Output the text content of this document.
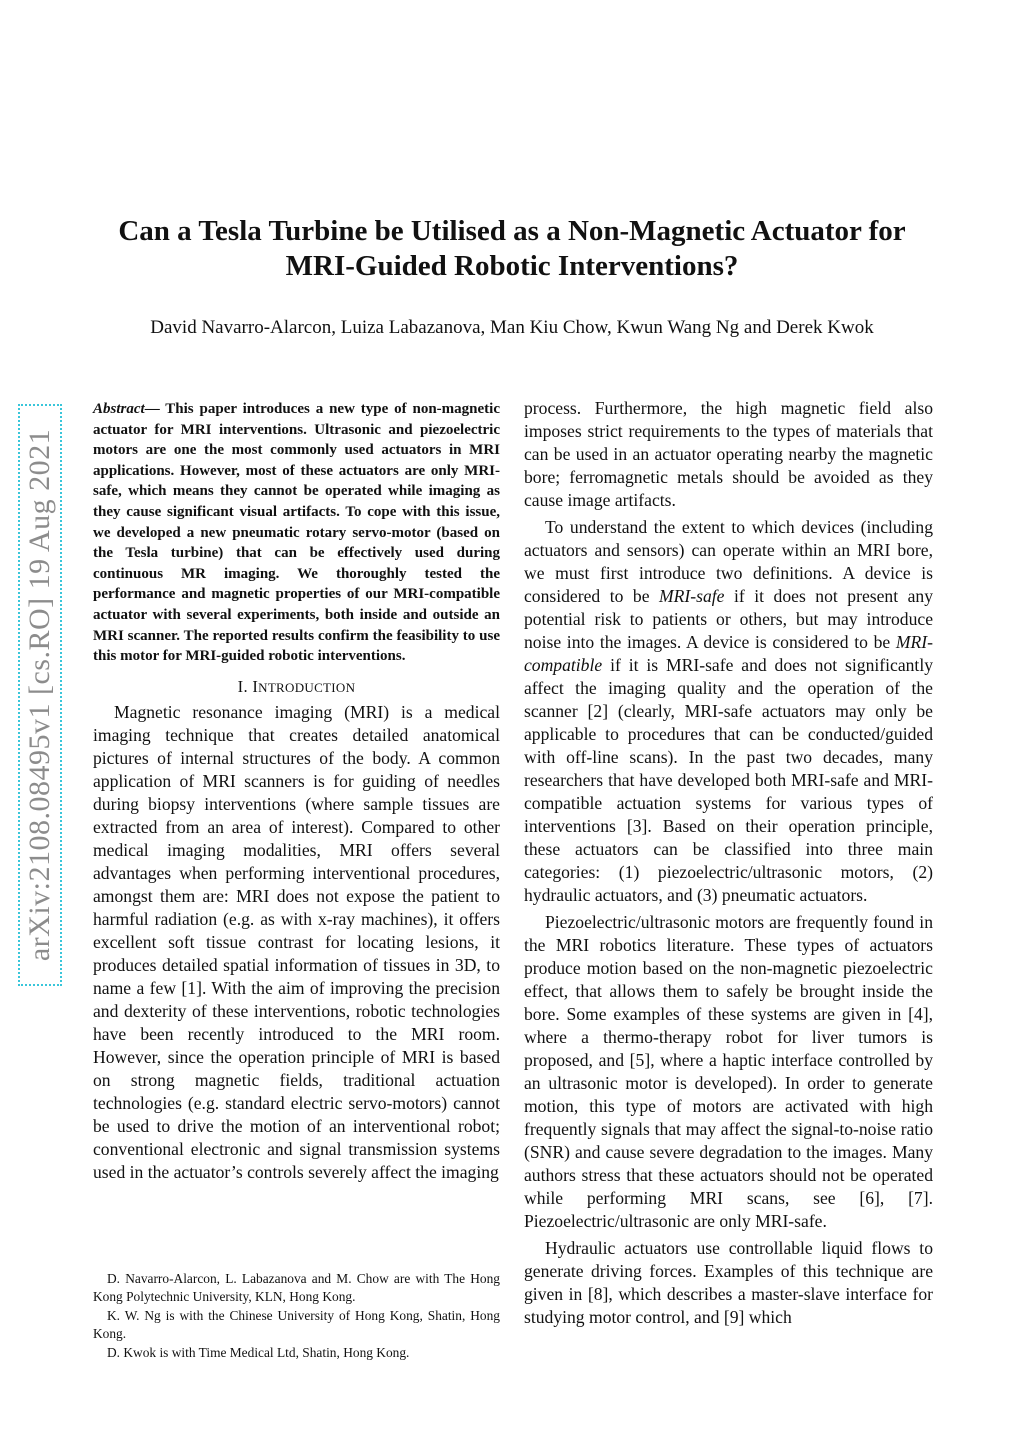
Can a Tesla Turbine be Utilised as a Non-Magnetic Actuator for
MRI-Guided Robotic Interventions?
David Navarro-Alarcon, Luiza Labazanova, Man Kiu Chow, Kwun Wang Ng and Derek Kwok
arXiv:2108.08495v1 [cs.RO] 19 Aug 2021

Abstract— This paper introduces a new type of non-magnetic actuator for MRI interventions. Ultrasonic and piezoelectric motors are one the most commonly used actuators in MRI applications. However, most of these actuators are only MRI-safe, which means they cannot be operated while imaging as they cause significant visual artifacts. To cope with this issue, we developed a new pneumatic rotary servo-motor (based on the Tesla turbine) that can be effectively used during continuous MR imaging. We thoroughly tested the performance and magnetic properties of our MRI-compatible actuator with several experiments, both inside and outside an MRI scanner. The reported results confirm the feasibility to use this motor for MRI-guided robotic interventions.

I. INTRODUCTION

Magnetic resonance imaging (MRI) is a medical imaging technique that creates detailed anatomical pictures of internal structures of the body. A common application of MRI scanners is for guiding of needles during biopsy interventions (where sample tissues are extracted from an area of interest). Compared to other medical imaging modalities, MRI offers several advantages when performing interventional procedures, amongst them are: MRI does not expose the patient to harmful radiation (e.g. as with x-ray machines), it offers excellent soft tissue contrast for locating lesions, it produces detailed spatial information of tissues in 3D, to name a few [1]. With the aim of improving the precision and dexterity of these interventions, robotic technologies have been recently introduced to the MRI room. However, since the operation principle of MRI is based on strong magnetic fields, traditional actuation technologies (e.g. standard electric servo-motors) cannot be used to drive the motion of an interventional robot; conventional electronic and signal transmission systems used in the actuator’s controls severely affect the imaging

D. Navarro-Alarcon, L. Labazanova and M. Chow are with The Hong Kong Polytechnic University, KLN, Hong Kong.

K. W. Ng is with the Chinese University of Hong Kong, Shatin, Hong Kong.

D. Kwok is with Time Medical Ltd, Shatin, Hong Kong.

process. Furthermore, the high magnetic field also imposes strict requirements to the types of materials that can be used in an actuator operating nearby the magnetic bore; ferromagnetic metals should be avoided as they cause image artifacts.

To understand the extent to which devices (including actuators and sensors) can operate within an MRI bore, we must first introduce two definitions. A device is considered to be MRI-safe if it does not present any potential risk to patients or others, but may introduce noise into the images. A device is considered to be MRI-compatible if it is MRI-safe and does not significantly affect the imaging quality and the operation of the scanner [2] (clearly, MRI-safe actuators may only be applicable to procedures that can be conducted/guided with off-line scans). In the past two decades, many researchers that have developed both MRI-safe and MRI-compatible actuation systems for various types of interventions [3]. Based on their operation principle, these actuators can be classified into three main categories: (1) piezoelectric/ultrasonic motors, (2) hydraulic actuators, and (3) pneumatic actuators.

Piezoelectric/ultrasonic motors are frequently found in the MRI robotics literature. These types of actuators produce motion based on the non-magnetic piezoelectric effect, that allows them to safely be brought inside the bore. Some examples of these systems are given in [4], where a thermo-therapy robot for liver tumors is proposed, and [5], where a haptic interface controlled by an ultrasonic motor is developed). In order to generate motion, this type of motors are activated with high frequently signals that may affect the signal-to-noise ratio (SNR) and cause severe degradation to the images. Many authors stress that these actuators should not be operated while performing MRI scans, see [6], [7]. Piezoelectric/ultrasonic are only MRI-safe.

Hydraulic actuators use controllable liquid flows to generate driving forces. Examples of this technique are given in [8], which describes a master-slave interface for studying motor control, and [9] which
